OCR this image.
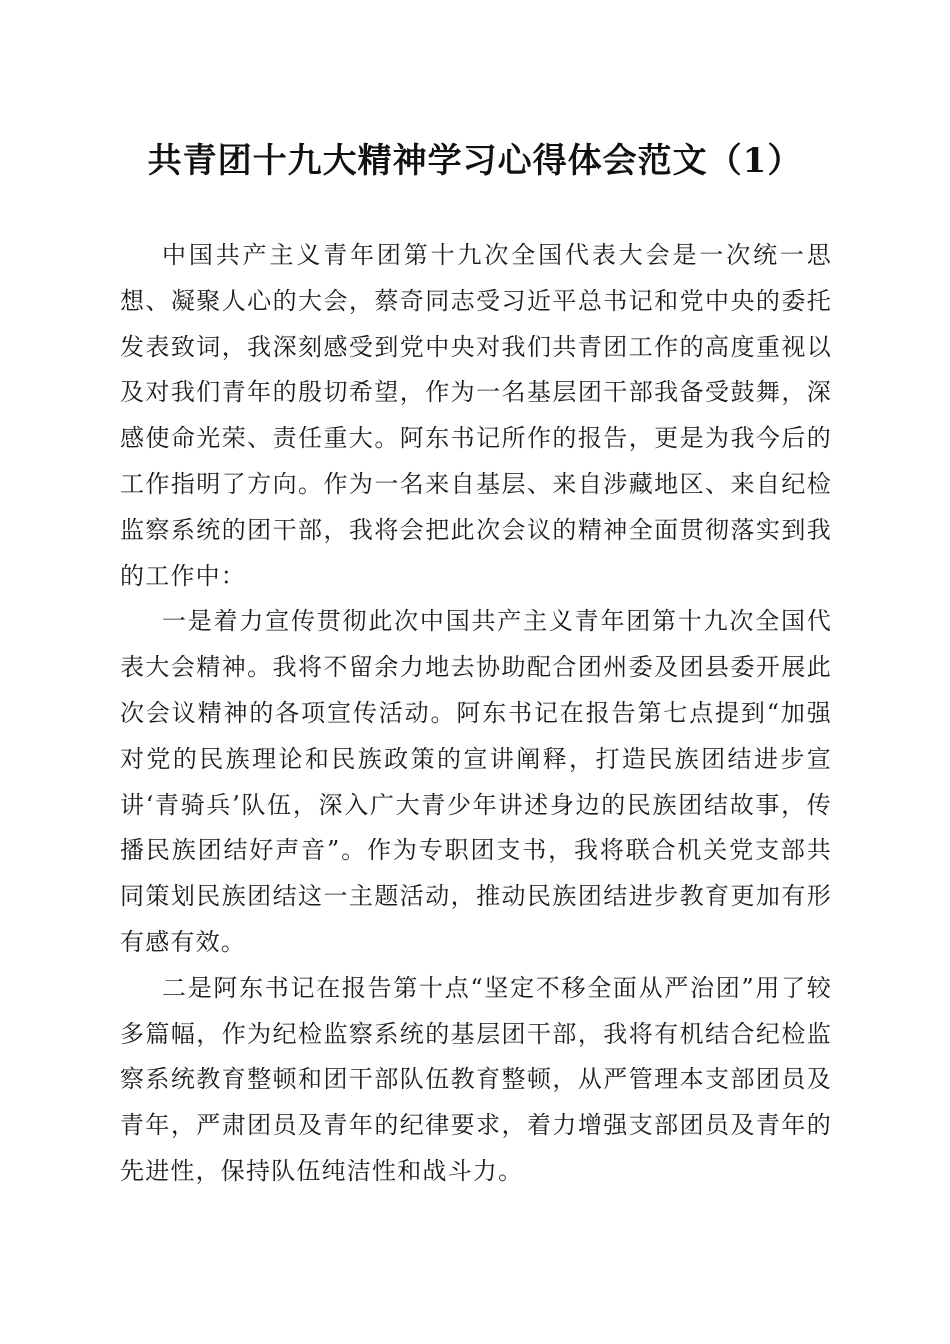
共青团十九大精神学习心得体会范文（1）

中国共产主义青年团第十九次全国代表大会是一次统一思想、凝聚人心的大会，蔡奇同志受习近平总书记和党中央的委托发表致词，我深刻感受到党中央对我们共青团工作的高度重视以及对我们青年的殷切希望，作为一名基层团干部我备受鼓舞，深感使命光荣、责任重大。阿东书记所作的报告，更是为我今后的工作指明了方向。作为一名来自基层、来自涉藏地区、来自纪检监察系统的团干部，我将会把此次会议的精神全面贯彻落实到我的工作中：

一是着力宣传贯彻此次中国共产主义青年团第十九次全国代表大会精神。我将不留余力地去协助配合团州委及团县委开展此次会议精神的各项宣传活动。阿东书记在报告第七点提到“加强对党的民族理论和民族政策的宣讲阐释，打造民族团结进步宣讲‘青骑兵’队伍，深入广大青少年讲述身边的民族团结故事，传播民族团结好声音”。作为专职团支书，我将联合机关党支部共同策划民族团结这一主题活动，推动民族团结进步教育更加有形有感有效。

二是阿东书记在报告第十点“坚定不移全面从严治团”用了较多篇幅，作为纪检监察系统的基层团干部，我将有机结合纪检监察系统教育整顿和团干部队伍教育整顿，从严管理本支部团员及青年，严肃团员及青年的纪律要求，着力增强支部团员及青年的先进性，保持队伍纯洁性和战斗力。
